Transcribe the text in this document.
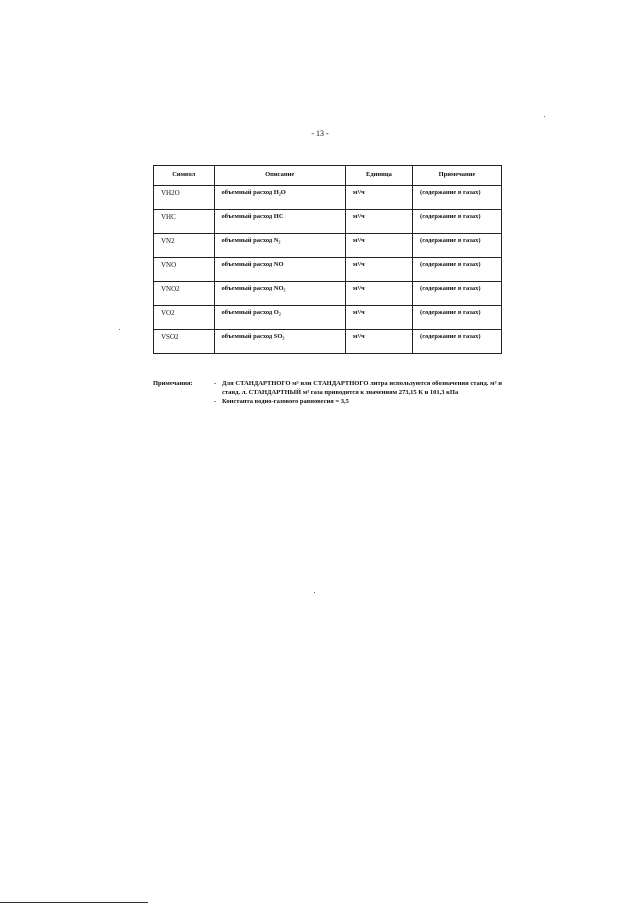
- 13 -
Символ	Описание	Единица	Примечание
VH2O	объемный расход H₂O	м³/ч	(содержание в газах)
VHC	объемный расход HC	м³/ч	(содержание в газах)
VN2	объемный расход N₂	м³/ч	(содержание в газах)
VNO	объемный расход NO	м³/ч	(содержание в газах)
VNO2	объемный расход NO₂	м³/ч	(содержание в газах)
VO2	объемный расход O₂	м³/ч	(содержание в газах)
VSO2	объемный расход SO₂	м³/ч	(содержание в газах)
Примечания:	- Для СТАНДАРТНОГО м³ или СТАНДАРТНОГО литра используются обозначения станд. м³ и станд. л. СТАНДАРТНЫЙ м³ газа приводится к значениям 273,15 К и 101,3 кПа
- Константа водно-газового равновесия = 3,5
